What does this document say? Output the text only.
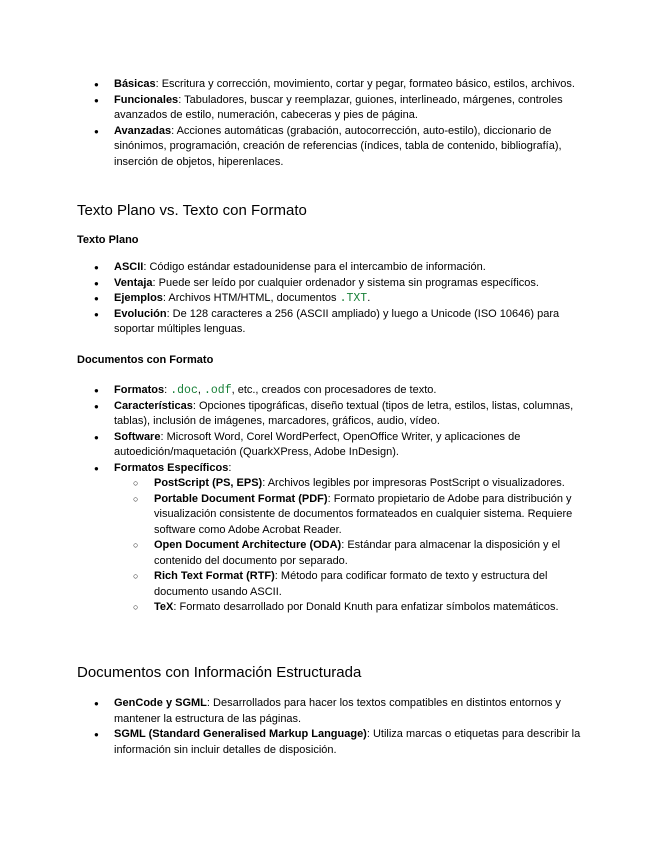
● Básicas: Escritura y corrección, movimiento, cortar y pegar, formateo básico, estilos, archivos.
● Funcionales: Tabuladores, buscar y reemplazar, guiones, interlineado, márgenes, controles avanzados de estilo, numeración, cabeceras y pies de página.
● Avanzadas: Acciones automáticas (grabación, autocorrección, auto-estilo), diccionario de sinónimos, programación, creación de referencias (índices, tabla de contenido, bibliografía), inserción de objetos, hiperenlaces.
Texto Plano vs. Texto con Formato
Texto Plano
● ASCII: Código estándar estadounidense para el intercambio de información.
● Ventaja: Puede ser leído por cualquier ordenador y sistema sin programas específicos.
● Ejemplos: Archivos HTM/HTML, documentos .TXT.
● Evolución: De 128 caracteres a 256 (ASCII ampliado) y luego a Unicode (ISO 10646) para soportar múltiples lenguas.
Documentos con Formato
● Formatos: .doc, .odf, etc., creados con procesadores de texto.
● Características: Opciones tipográficas, diseño textual (tipos de letra, estilos, listas, columnas, tablas), inclusión de imágenes, marcadores, gráficos, audio, vídeo.
● Software: Microsoft Word, Corel WordPerfect, OpenOffice Writer, y aplicaciones de autoedición/maquetación (QuarkXPress, Adobe InDesign).
● Formatos Específicos:
○ PostScript (PS, EPS): Archivos legibles por impresoras PostScript o visualizadores.
○ Portable Document Format (PDF): Formato propietario de Adobe para distribución y visualización consistente de documentos formateados en cualquier sistema. Requiere software como Adobe Acrobat Reader.
○ Open Document Architecture (ODA): Estándar para almacenar la disposición y el contenido del documento por separado.
○ Rich Text Format (RTF): Método para codificar formato de texto y estructura del documento usando ASCII.
○ TeX: Formato desarrollado por Donald Knuth para enfatizar símbolos matemáticos.
Documentos con Información Estructurada
● GenCode y SGML: Desarrollados para hacer los textos compatibles en distintos entornos y mantener la estructura de las páginas.
● SGML (Standard Generalised Markup Language): Utiliza marcas o etiquetas para describir la información sin incluir detalles de disposición.
